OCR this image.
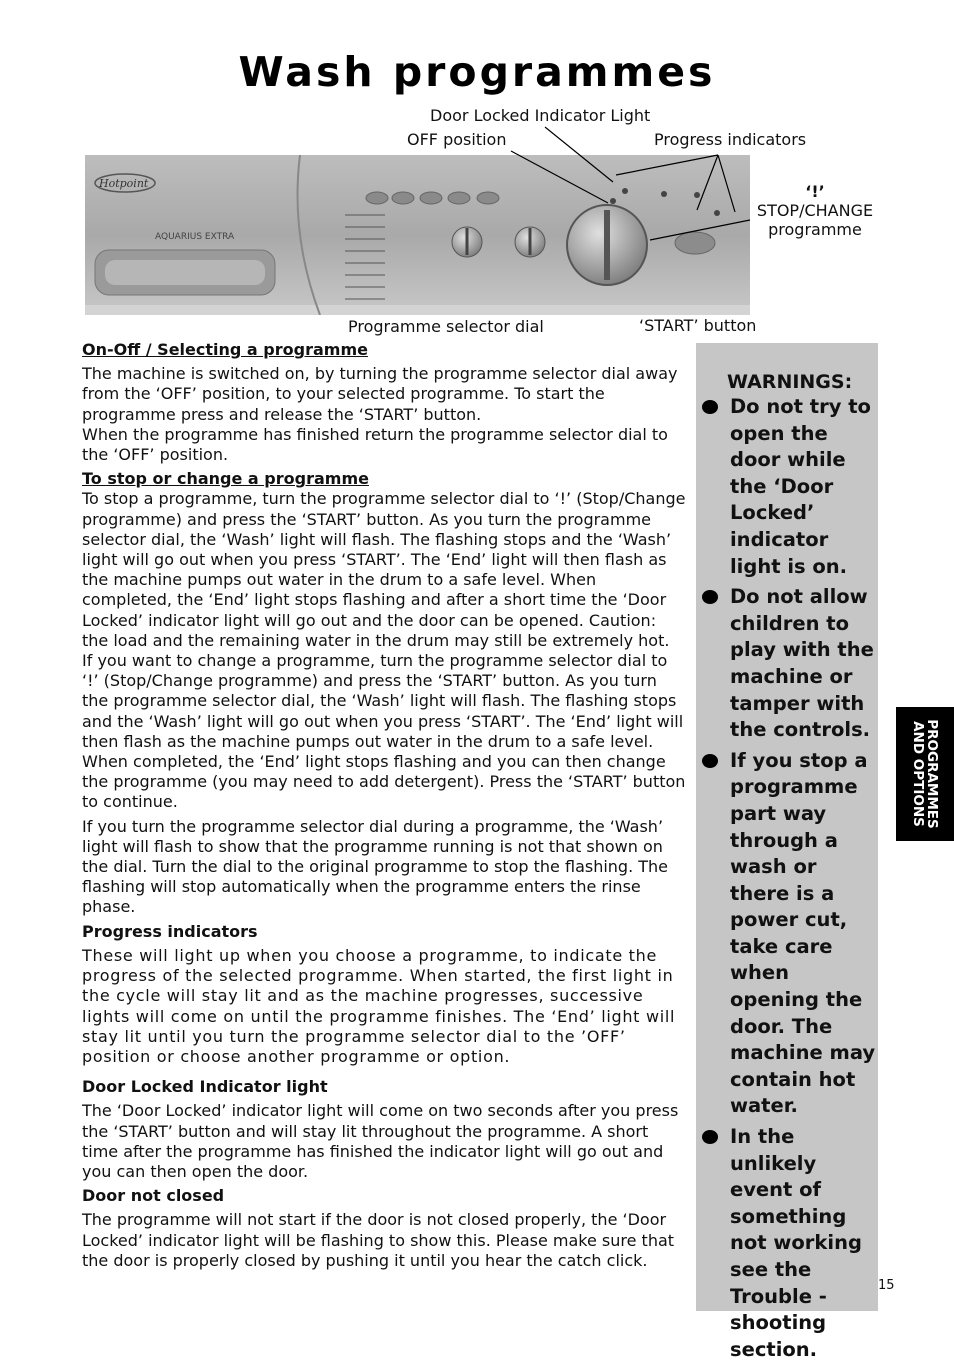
Wash programmes
Hotpoint
AQUARIUS EXTRA
Door Locked Indicator Light
OFF position	Progress indicators
‘!’
STOP/CHANGE
programme
Programme selector dial	‘START’ button

On-Off / Selecting a programme

The machine is switched on, by turning the programme selector dial away from the ‘OFF’ position, to your selected programme. To start the programme press and release the ‘START’ button.

When the programme has finished return the programme selector dial to the ‘OFF’ position.

To stop or change a programme

To stop a programme, turn the programme selector dial to ‘!’ (Stop/Change programme) and press the ‘START’ button. As you turn the programme selector dial, the ‘Wash’ light will flash. The flashing stops and the ‘Wash’ light will go out when you press ‘START’. The ‘End’ light will then flash as the machine pumps out water in the drum to a safe level. When completed, the ‘End’ light stops flashing and after a short time the ‘Door Locked’ indicator light will go out and the door can be opened. Caution: the load and the remaining water in the drum may still be extremely hot.

If you want to change a programme, turn the programme selector dial to ‘!’ (Stop/Change programme) and press the ‘START’ button. As you turn the programme selector dial, the ‘Wash’ light will flash. The flashing stops and the ‘Wash’ light will go out when you press ‘START’. The ‘End’ light will then flash as the machine pumps out water in the drum to a safe level. When completed, the ‘End’ light stops flashing and you can then change the programme (you may need to add detergent). Press the ‘START’ button to continue.

If you turn the programme selector dial during a programme, the ‘Wash’ light will flash to show that the programme running is not that shown on the dial. Turn the dial to the original programme to stop the flashing. The flashing will stop automatically when the programme enters the rinse phase.

Progress indicators

These will light up when you choose a programme, to indicate the progress of the selected programme. When started, the first light in the cycle will stay lit and as the machine progresses, successive lights will come on until the programme finishes. The ‘End’ light will stay lit until you turn the programme selector dial to the ’OFF’ position or choose another programme or option.

Door Locked Indicator light

The ‘Door Locked’ indicator light will come on two seconds after you press the ‘START’ button and will stay lit throughout the programme. A short time after the programme has finished the indicator light will go out and you can then open the door.

Door not closed

The programme will not start if the door is not closed properly, the ‘Door Locked’ indicator light will be flashing to show this. Please make sure that the door is properly closed by pushing it until you hear the catch click.

WARNINGS:
Do not try to open the door while the ‘Door Locked’ indicator light is on.
Do not allow children to play with the machine or tamper with the controls.
If you stop a programme part way through a wash or there is a power cut, take care when opening the door. The machine may contain hot water.
In the unlikely event of something not working see the Trouble - shooting section.
PROGRAMMES
AND OPTIONS
15
